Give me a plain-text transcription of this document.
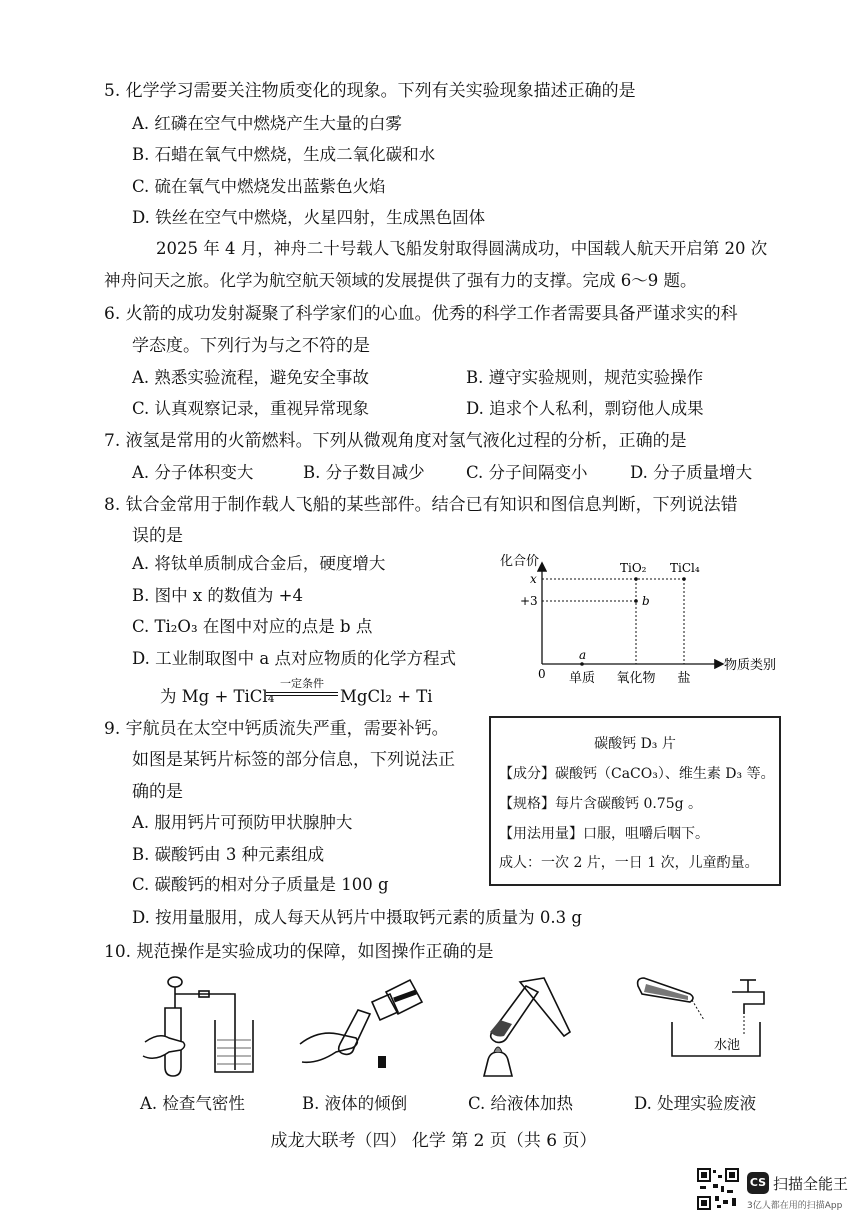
5. 化学学习需要关注物质变化的现象。下列有关实验现象描述正确的是
A. 红磷在空气中燃烧产生大量的白雾
B. 石蜡在氧气中燃烧，生成二氧化碳和水
C. 硫在氧气中燃烧发出蓝紫色火焰
D. 铁丝在空气中燃烧，火星四射，生成黑色固体
2025 年 4 月，神舟二十号载人飞船发射取得圆满成功，中国载人航天开启第 20 次
神舟问天之旅。化学为航空航天领域的发展提供了强有力的支撑。完成 6～9 题。
6. 火箭的成功发射凝聚了科学家们的心血。优秀的科学工作者需要具备严谨求实的科
学态度。下列行为与之不符的是
A. 熟悉实验流程，避免安全事故	B. 遵守实验规则，规范实验操作
C. 认真观察记录，重视异常现象	D. 追求个人私利，剽窃他人成果
7. 液氢是常用的火箭燃料。下列从微观角度对氢气液化过程的分析，正确的是
A. 分子体积变大	B. 分子数目减少	C. 分子间隔变小	D. 分子质量增大
8. 钛合金常用于制作载人飞船的某些部件。结合已有知识和图信息判断，下列说法错
误的是
A. 将钛单质制成合金后，硬度增大
B. 图中 x 的数值为 +4
C. Ti₂O₃ 在图中对应的点是 b 点
D. 工业制取图中 a 点对应物质的化学方程式
为 Mg + TiCl₄
一定条件
MgCl₂ + Ti
化合价
物质类别
0
x
+3
单质 氧化物 盐
a
b
TiO₂ TiCl₄
9. 宇航员在太空中钙质流失严重，需要补钙。
如图是某钙片标签的部分信息，下列说法正
确的是
A. 服用钙片可预防甲状腺肿大
B. 碳酸钙由 3 种元素组成
C. 碳酸钙的相对分子质量是 100 g
D. 按用量服用，成人每天从钙片中摄取钙元素的质量为 0.3 g
碳酸钙 D₃ 片
【成分】碳酸钙（CaCO₃）、维生素 D₃ 等。
【规格】每片含碳酸钙 0.75g 。
【用法用量】口服，咀嚼后咽下。
成人：一次 2 片，一日 1 次，儿童酌量。
10. 规范操作是实验成功的保障，如图操作正确的是
水池
A. 检查气密性	B. 液体的倾倒	C. 给液体加热	D. 处理实验废液
成龙大联考（四） 化学 第 2 页（共 6 页）
CS 扫描全能王
3亿人都在用的扫描App
